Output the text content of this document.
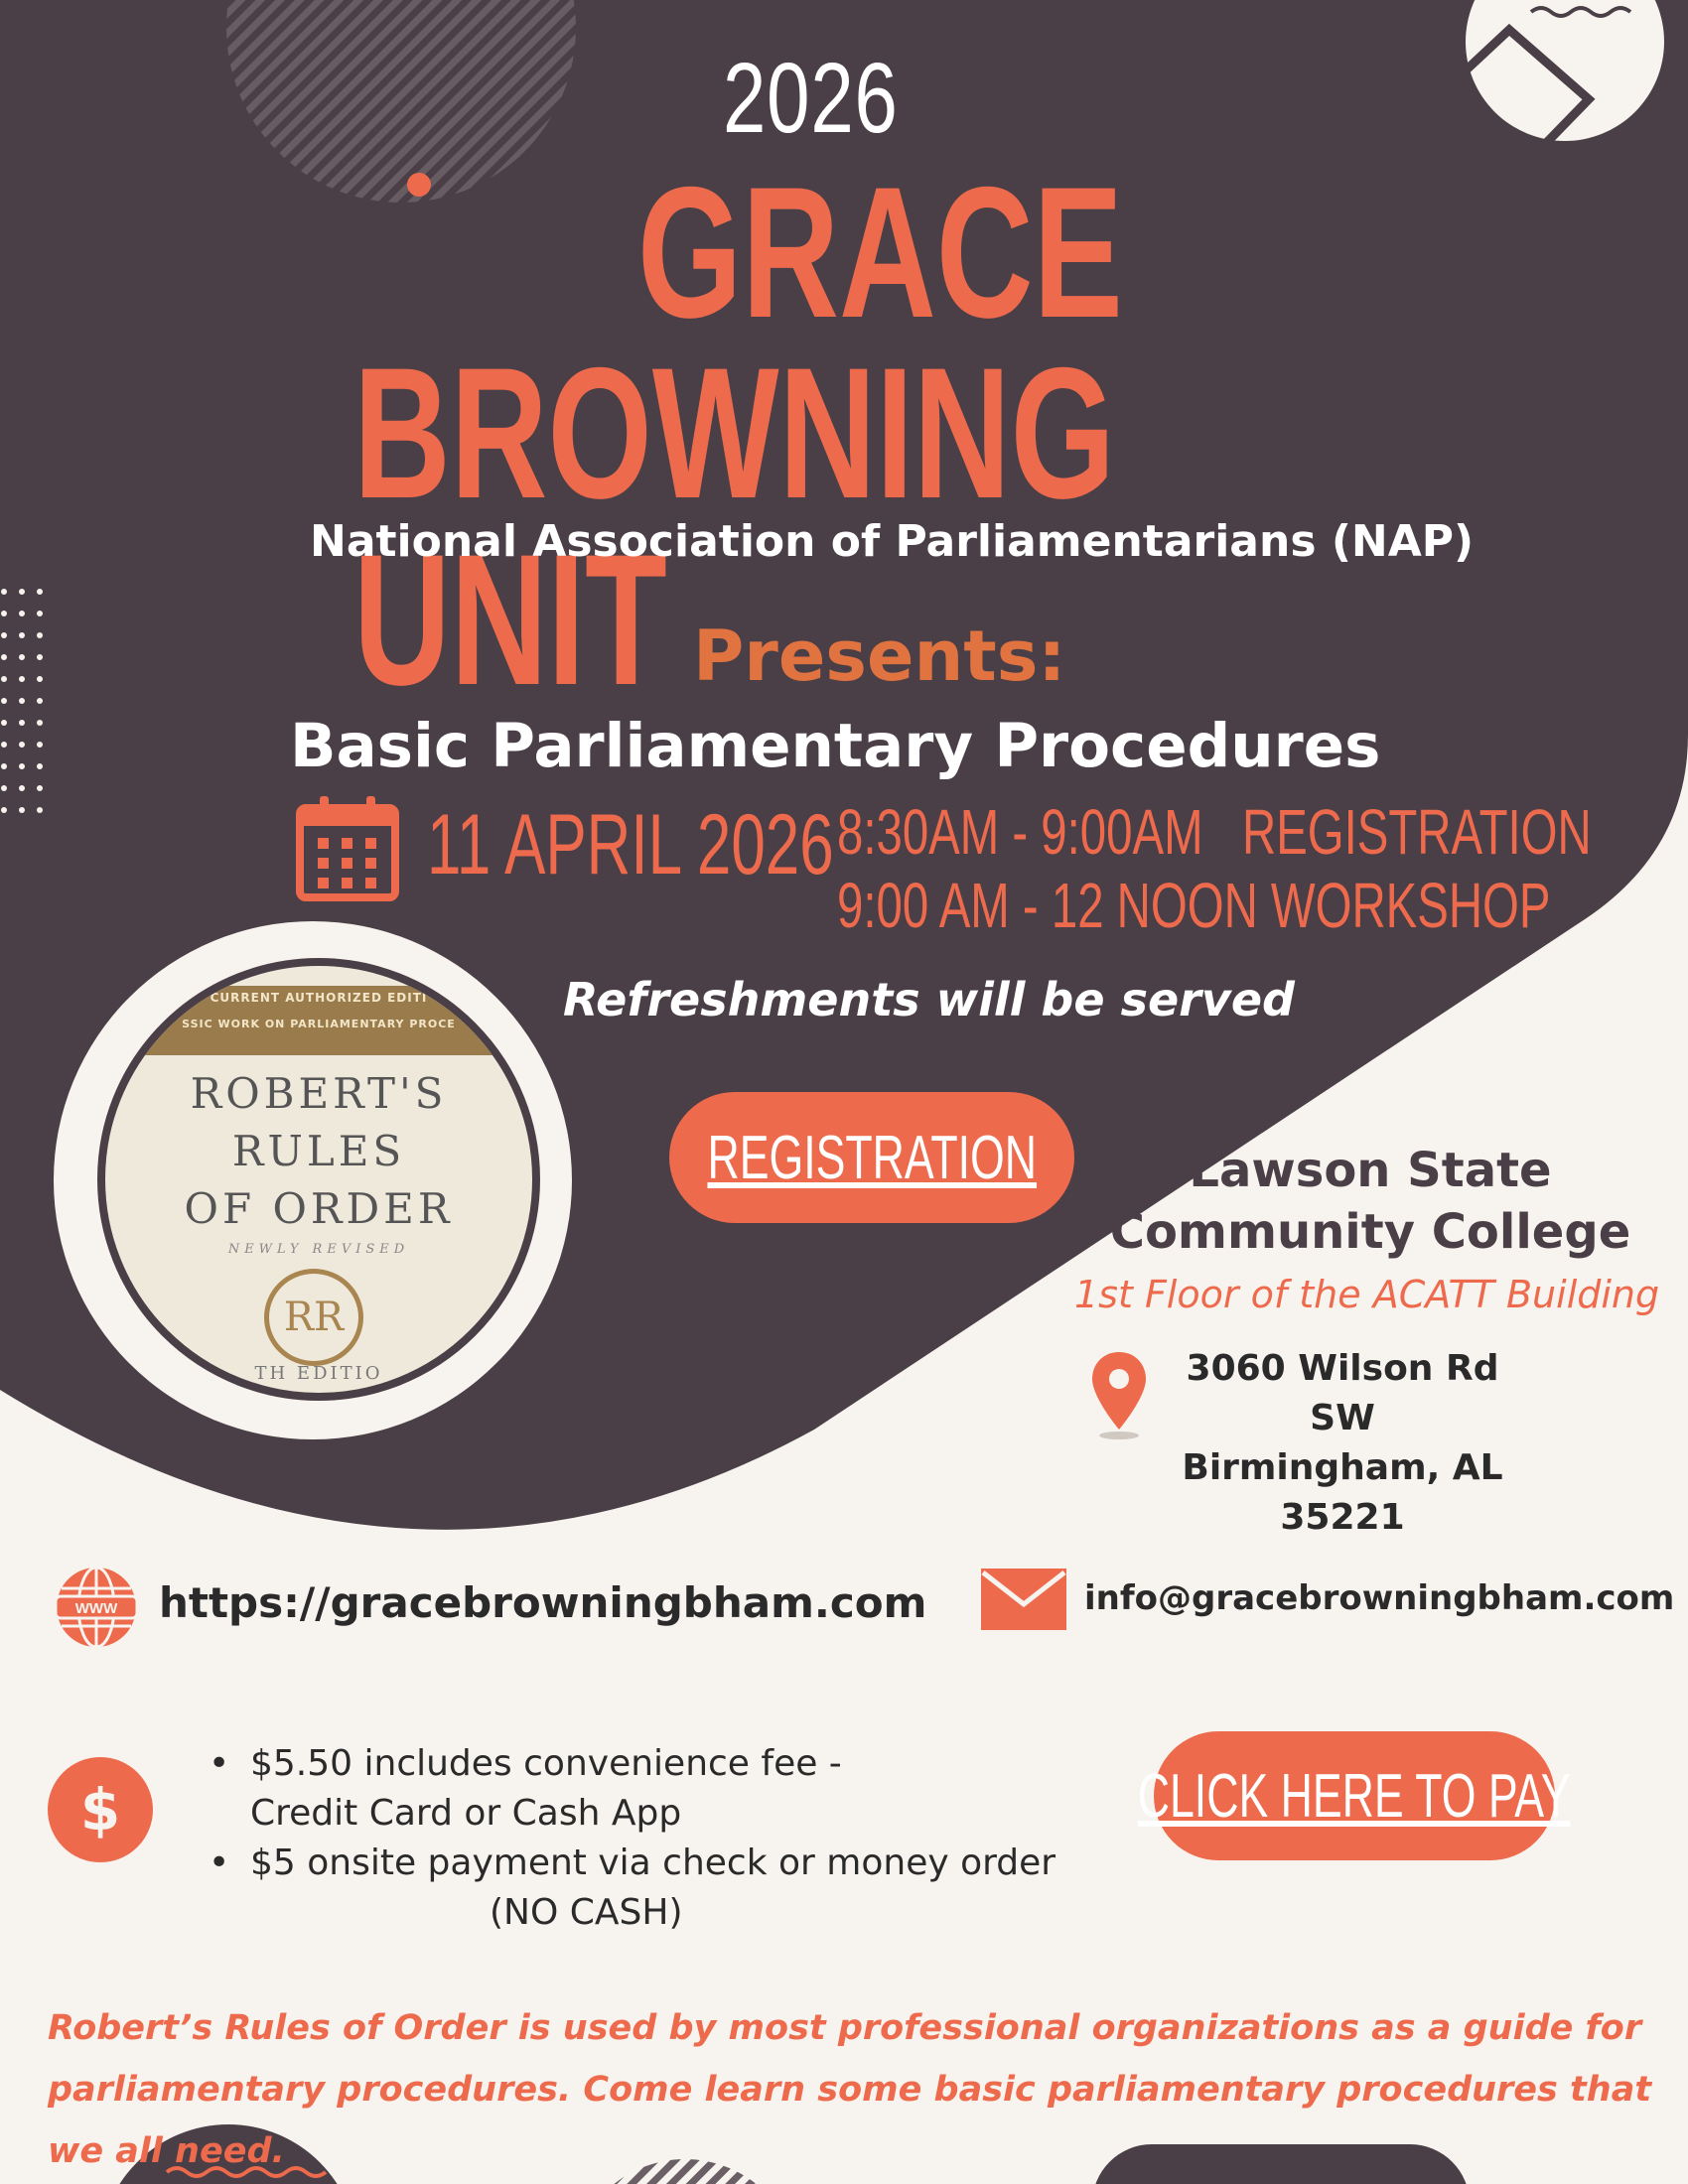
2026
GRACE
BROWNING UNIT
National Association of Parliamentarians (NAP)
Presents:
Basic Parliamentary Procedures
11 APRIL 2026 8:30AM - 9:00AM   REGISTRATION
9:00 AM - 12 NOON WORKSHOP
Refreshments will be served
CURRENT AUTHORIZED EDITI
SSIC WORK ON PARLIAMENTARY PROCE
ROBERT'S
RULES
OF ORDER
NEWLY REVISED
RR
TH EDITIO
REGISTRATION	Lawson State
Community College
1st Floor of the ACATT Building
3060 Wilson Rd SW
Birmingham, AL 35221
WWW https://gracebrowningbham.com	info@gracebrowningbham.com
$
• $5.50 includes convenience fee - Credit Card or Cash App
• $5 onsite payment via check or money order
(NO CASH)
CLICK HERE TO PAY
Robert’s Rules of Order is used by most professional organizations as a guide for parliamentary procedures. Come learn some basic parliamentary procedures that we all need.
